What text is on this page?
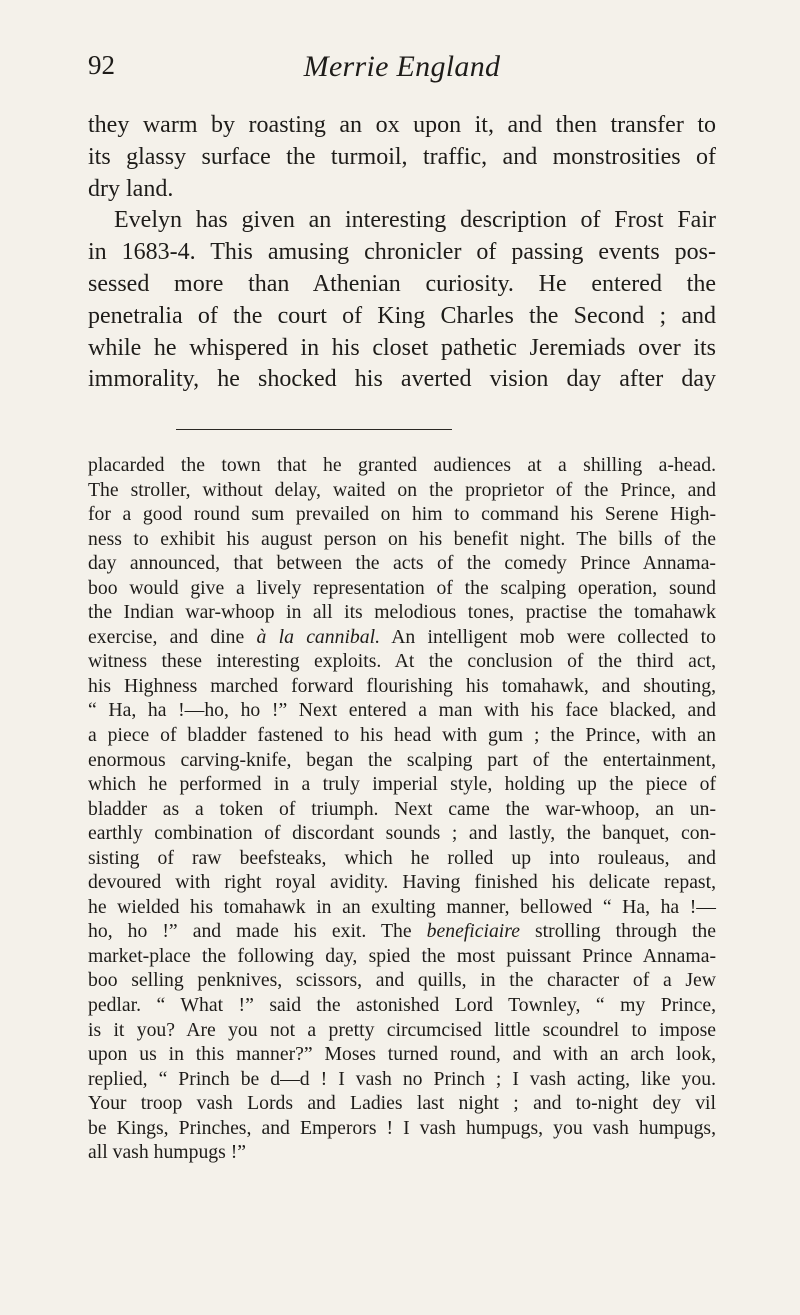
92	Merrie England

they warm by roasting an ox upon it, and then transfer to

its glassy surface the turmoil, traffic, and monstrosities of

dry land.

Evelyn has given an interesting description of Frost Fair

in 1683-4. This amusing chronicler of passing events pos-

sessed more than Athenian curiosity. He entered the

penetralia of the court of King Charles the Second ; and

while he whispered in his closet pathetic Jeremiads over its

immorality, he shocked his averted vision day after day

placarded the town that he granted audiences at a shilling a-head.

The stroller, without delay, waited on the proprietor of the Prince, and

for a good round sum prevailed on him to command his Serene High-

ness to exhibit his august person on his benefit night. The bills of the

day announced, that between the acts of the comedy Prince Annama-

boo would give a lively representation of the scalping operation, sound

the Indian war-whoop in all its melodious tones, practise the tomahawk

exercise, and dine à la cannibal. An intelligent mob were collected to

witness these interesting exploits. At the conclusion of the third act,

his Highness marched forward flourishing his tomahawk, and shouting,

“ Ha, ha !—ho, ho !” Next entered a man with his face blacked, and

a piece of bladder fastened to his head with gum ; the Prince, with an

enormous carving-knife, began the scalping part of the entertainment,

which he performed in a truly imperial style, holding up the piece of

bladder as a token of triumph. Next came the war-whoop, an un-

earthly combination of discordant sounds ; and lastly, the banquet, con-

sisting of raw beefsteaks, which he rolled up into rouleaus, and

devoured with right royal avidity. Having finished his delicate repast,

he wielded his tomahawk in an exulting manner, bellowed “ Ha, ha !—

ho, ho !” and made his exit. The beneficiaire strolling through the

market-place the following day, spied the most puissant Prince Annama-

boo selling penknives, scissors, and quills, in the character of a Jew

pedlar. “ What !” said the astonished Lord Townley, “ my Prince,

is it you? Are you not a pretty circumcised little scoundrel to impose

upon us in this manner?” Moses turned round, and with an arch look,

replied, “ Princh be d—d ! I vash no Princh ; I vash acting, like you.

Your troop vash Lords and Ladies last night ; and to-night dey vil

be Kings, Prinches, and Emperors ! I vash humpugs, you vash humpugs,

all vash humpugs !”
